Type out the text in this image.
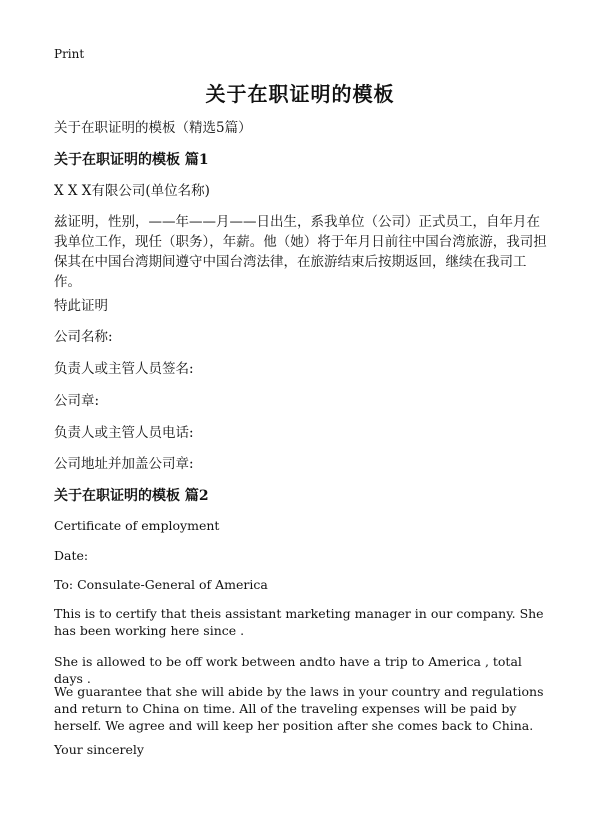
Print
关于在职证明的模板
关于在职证明的模板（精选5篇）
关于在职证明的模板 篇1
X X X有限公司(单位名称)
兹证明，性别，——年——月——日出生，系我单位（公司）正式员工，自年月在我单位工作，现任（职务），年薪。他（她）将于年月日前往中国台湾旅游，我司担保其在中国台湾期间遵守中国台湾法律，在旅游结束后按期返回，继续在我司工作。
特此证明
公司名称:
负责人或主管人员签名:
公司章:
负责人或主管人员电话:
公司地址并加盖公司章:
关于在职证明的模板 篇2
Certificate of employment
Date:
To: Consulate-General of America
This is to certify that theis assistant marketing manager in our company. She has been working here since .
She is allowed to be off work between andto have a trip to America , total days .
We guarantee that she will abide by the laws in your country and regulations and return to China on time. All of the traveling expenses will be paid by herself. We agree and will keep her position after she comes back to China.
Your sincerely
